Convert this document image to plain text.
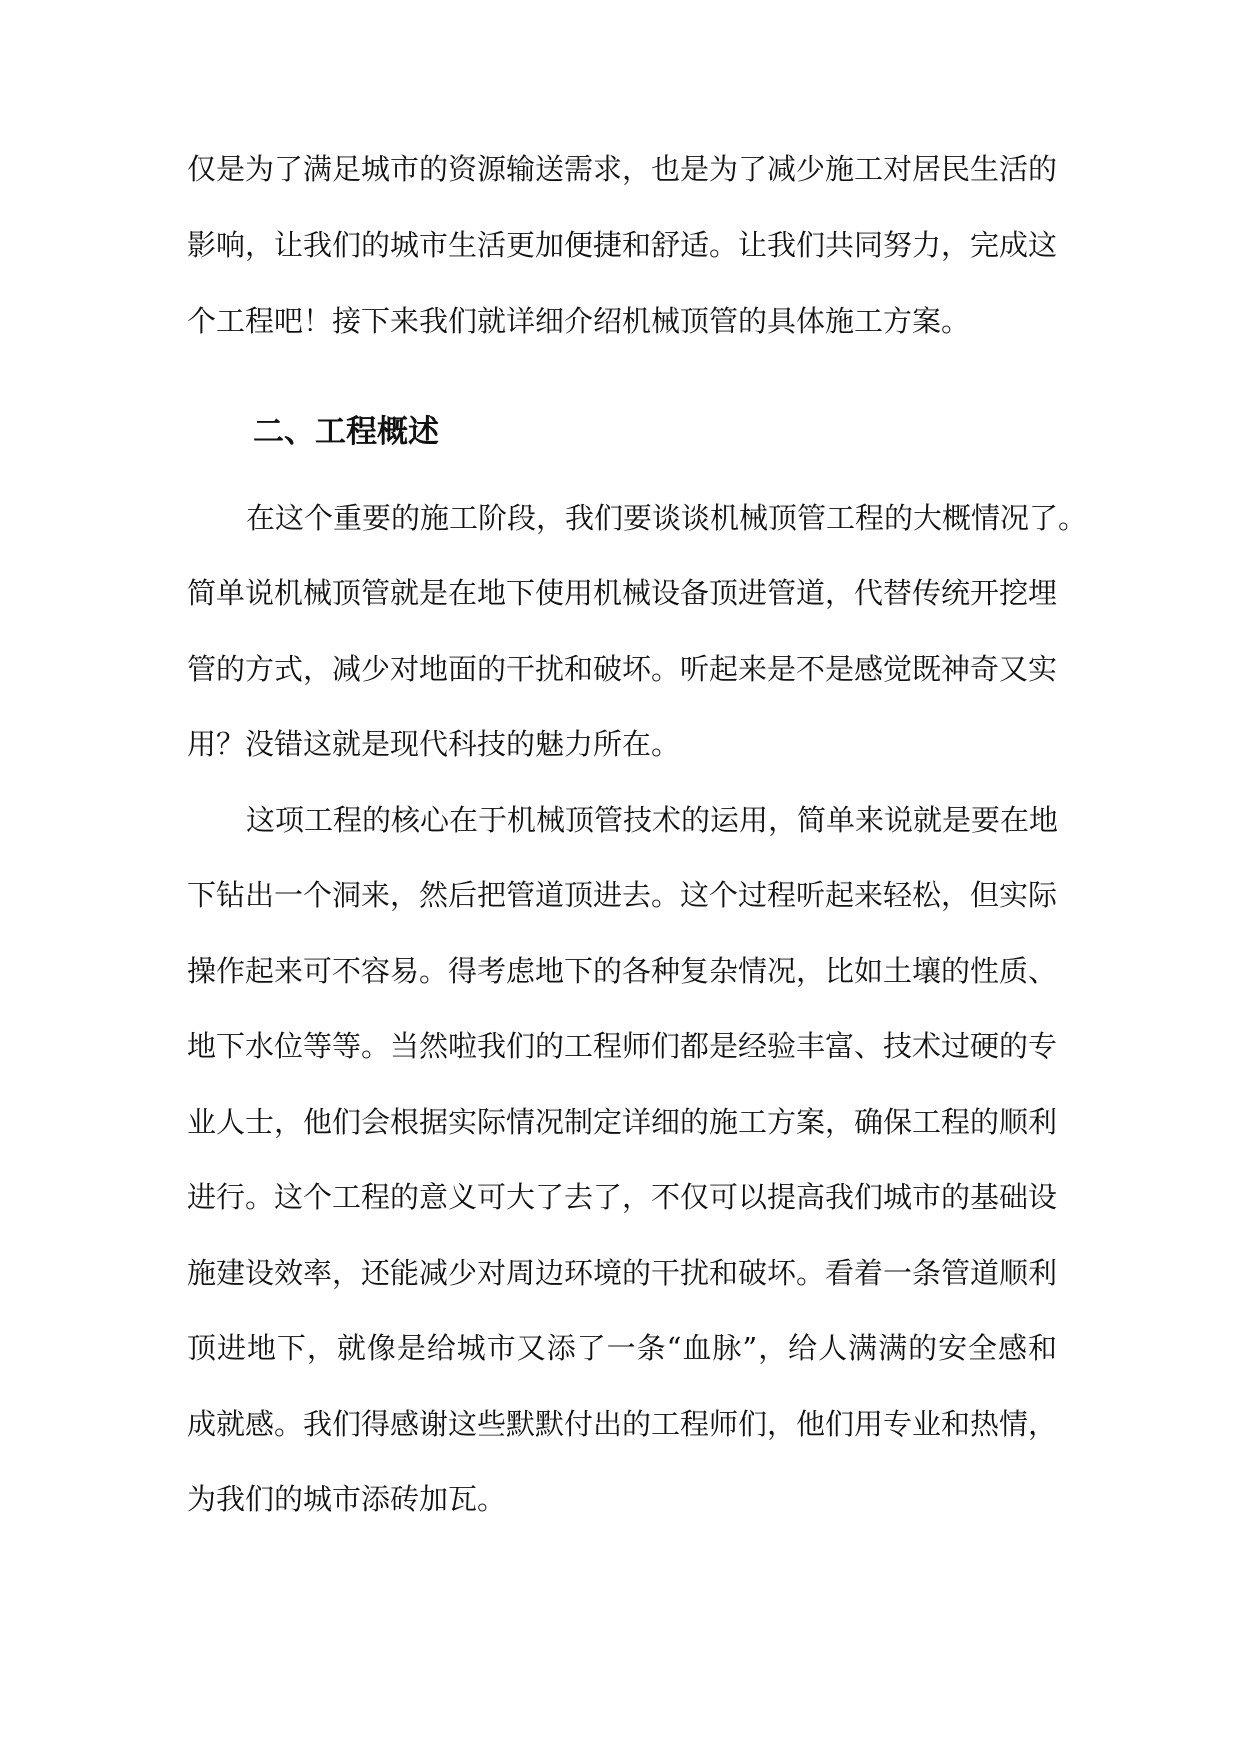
仅是为了满足城市的资源输送需求，也是为了减少施工对居民生活的
影响，让我们的城市生活更加便捷和舒适。让我们共同努力，完成这
个工程吧！接下来我们就详细介绍机械顶管的具体施工方案。
二、工程概述
在这个重要的施工阶段，我们要谈谈机械顶管工程的大概情况了。
简单说机械顶管就是在地下使用机械设备顶进管道，代替传统开挖埋
管的方式，减少对地面的干扰和破坏。听起来是不是感觉既神奇又实
用？没错这就是现代科技的魅力所在。
这项工程的核心在于机械顶管技术的运用，简单来说就是要在地
下钻出一个洞来，然后把管道顶进去。这个过程听起来轻松，但实际
操作起来可不容易。得考虑地下的各种复杂情况，比如土壤的性质、
地下水位等等。当然啦我们的工程师们都是经验丰富、技术过硬的专
业人士，他们会根据实际情况制定详细的施工方案，确保工程的顺利
进行。这个工程的意义可大了去了，不仅可以提高我们城市的基础设
施建设效率，还能减少对周边环境的干扰和破坏。看着一条管道顺利
顶进地下，就像是给城市又添了一条“血脉”，给人满满的安全感和
成就感。我们得感谢这些默默付出的工程师们，他们用专业和热情，
为我们的城市添砖加瓦。
